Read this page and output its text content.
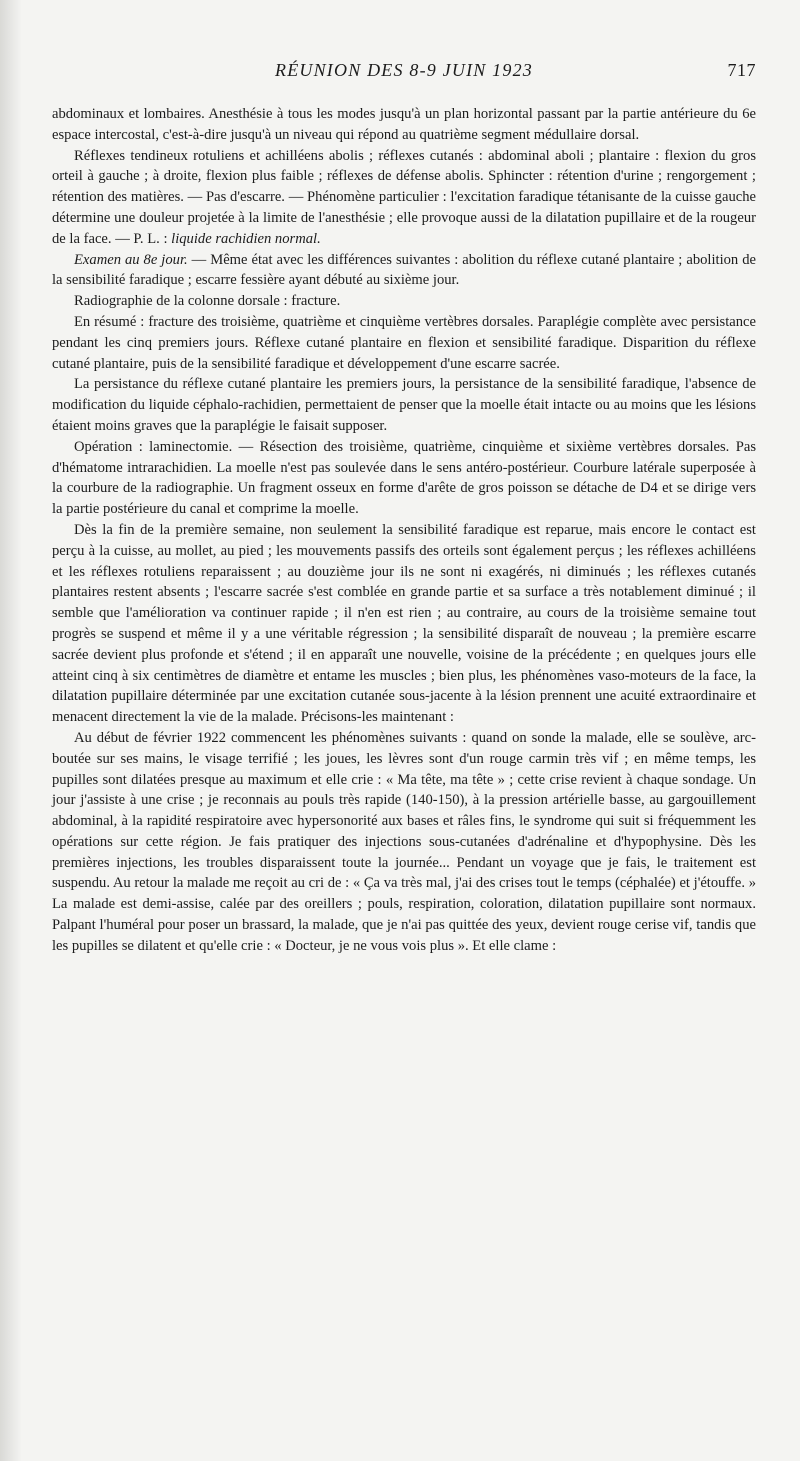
RÉUNION DES 8-9 JUIN 1923	717

abdominaux et lombaires. Anesthésie à tous les modes jusqu'à un plan horizontal passant par la partie antérieure du 6e espace intercostal, c'est-à-dire jusqu'à un niveau qui répond au quatrième segment médullaire dorsal.

Réflexes tendineux rotuliens et achilléens abolis ; réflexes cutanés : abdominal aboli ; plantaire : flexion du gros orteil à gauche ; à droite, flexion plus faible ; réflexes de défense abolis. Sphincter : rétention d'urine ; rengorgement ; rétention des matières. — Pas d'escarre. — Phénomène particulier : l'excitation faradique tétanisante de la cuisse gauche détermine une douleur projetée à la limite de l'anesthésie ; elle provoque aussi de la dilatation pupillaire et de la rougeur de la face. — P. L. : liquide rachidien normal.

Examen au 8e jour. — Même état avec les différences suivantes : abolition du réflexe cutané plantaire ; abolition de la sensibilité faradique ; escarre fessière ayant débuté au sixième jour.

Radiographie de la colonne dorsale : fracture.

En résumé : fracture des troisième, quatrième et cinquième vertèbres dorsales. Paraplégie complète avec persistance pendant les cinq premiers jours. Réflexe cutané plantaire en flexion et sensibilité faradique. Disparition du réflexe cutané plantaire, puis de la sensibilité faradique et développement d'une escarre sacrée.

La persistance du réflexe cutané plantaire les premiers jours, la persistance de la sensibilité faradique, l'absence de modification du liquide céphalo-rachidien, permettaient de penser que la moelle était intacte ou au moins que les lésions étaient moins graves que la paraplégie le faisait supposer.

Opération : laminectomie. — Résection des troisième, quatrième, cinquième et sixième vertèbres dorsales. Pas d'hématome intrarachidien. La moelle n'est pas soulevée dans le sens antéro-postérieur. Courbure latérale superposée à la courbure de la radiographie. Un fragment osseux en forme d'arête de gros poisson se détache de D4 et se dirige vers la partie postérieure du canal et comprime la moelle.

Dès la fin de la première semaine, non seulement la sensibilité faradique est reparue, mais encore le contact est perçu à la cuisse, au mollet, au pied ; les mouvements passifs des orteils sont également perçus ; les réflexes achilléens et les réflexes rotuliens reparaissent ; au douzième jour ils ne sont ni exagérés, ni diminués ; les réflexes cutanés plantaires restent absents ; l'escarre sacrée s'est comblée en grande partie et sa surface a très notablement diminué ; il semble que l'amélioration va continuer rapide ; il n'en est rien ; au contraire, au cours de la troisième semaine tout progrès se suspend et même il y a une véritable régression ; la sensibilité disparaît de nouveau ; la première escarre sacrée devient plus profonde et s'étend ; il en apparaît une nouvelle, voisine de la précédente ; en quelques jours elle atteint cinq à six centimètres de diamètre et entame les muscles ; bien plus, les phénomènes vaso-moteurs de la face, la dilatation pupillaire déterminée par une excitation cutanée sous-jacente à la lésion prennent une acuité extraordinaire et menacent directement la vie de la malade. Précisons-les maintenant :

Au début de février 1922 commencent les phénomènes suivants : quand on sonde la malade, elle se soulève, arc-boutée sur ses mains, le visage terrifié ; les joues, les lèvres sont d'un rouge carmin très vif ; en même temps, les pupilles sont dilatées presque au maximum et elle crie : « Ma tête, ma tête » ; cette crise revient à chaque sondage. Un jour j'assiste à une crise ; je reconnais au pouls très rapide (140-150), à la pression artérielle basse, au gargouillement abdominal, à la rapidité respiratoire avec hypersonorité aux bases et râles fins, le syndrome qui suit si fréquemment les opérations sur cette région. Je fais pratiquer des injections sous-cutanées d'adrénaline et d'hypophysine. Dès les premières injections, les troubles disparaissent toute la journée... Pendant un voyage que je fais, le traitement est suspendu. Au retour la malade me reçoit au cri de : « Ça va très mal, j'ai des crises tout le temps (céphalée) et j'étouffe. » La malade est demi-assise, calée par des oreillers ; pouls, respiration, coloration, dilatation pupillaire sont normaux. Palpant l'huméral pour poser un brassard, la malade, que je n'ai pas quittée des yeux, devient rouge cerise vif, tandis que les pupilles se dilatent et qu'elle crie : « Docteur, je ne vous vois plus ». Et elle clame :
